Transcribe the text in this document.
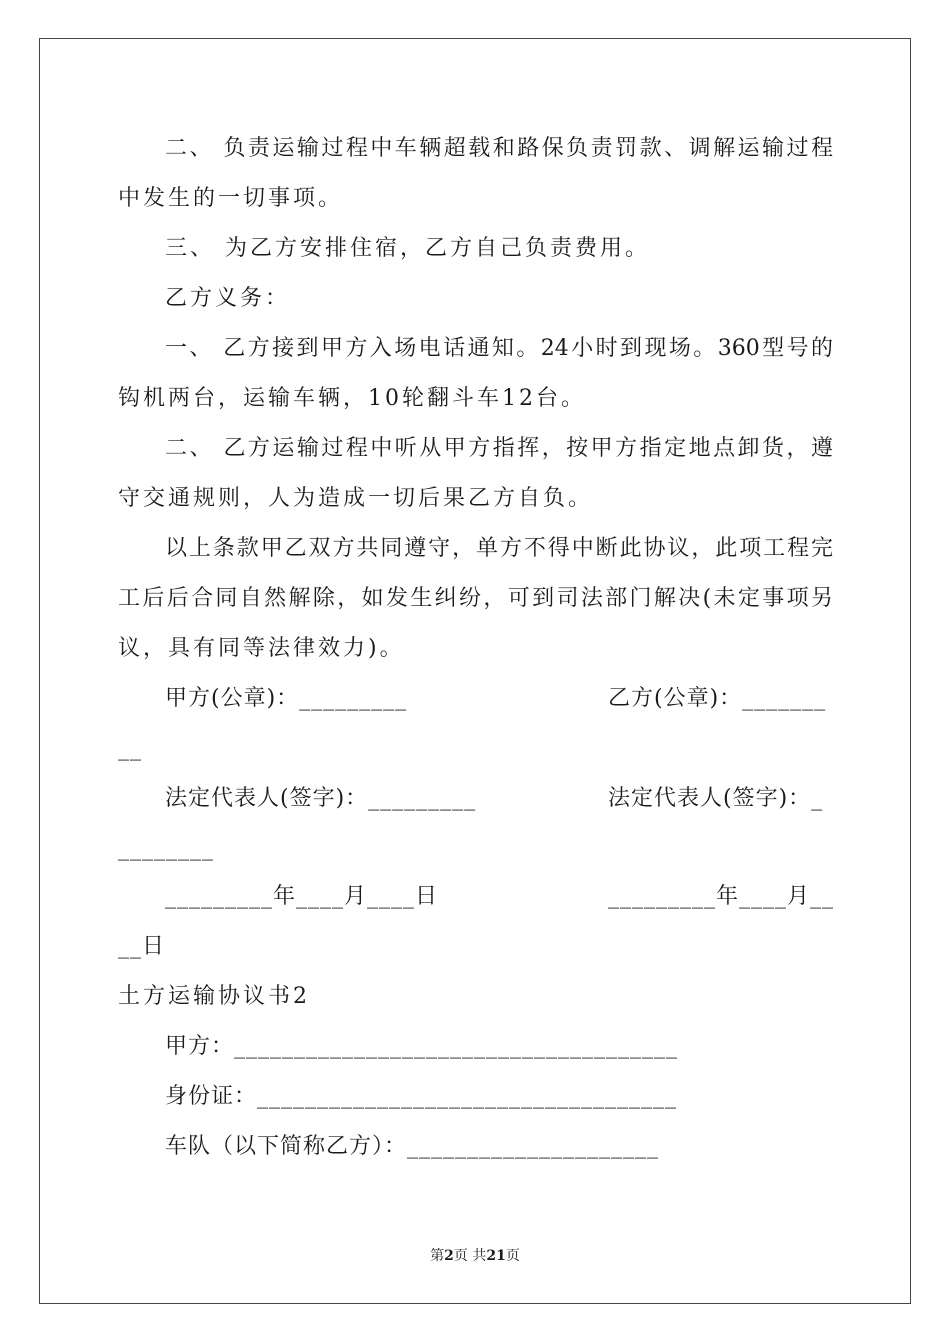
二、 负责运输过程中车辆超载和路保负责罚款、调解运输过程
中发生的一切事项。
三、 为乙方安排住宿，乙方自己负责费用。
乙方义务：
一、 乙方接到甲方入场电话通知。24小时到现场。360型号的
钩机两台，运输车辆，10轮翻斗车12台。
二、 乙方运输过程中听从甲方指挥，按甲方指定地点卸货，遵
守交通规则，人为造成一切后果乙方自负。
以上条款甲乙双方共同遵守，单方不得中断此协议，此项工程完
工后后合同自然解除，如发生纠纷，可到司法部门解决(未定事项另
议，具有同等法律效力)。
甲方(公章)：_________	乙方(公章)：_______
__
法定代表人(签字)：_________	法定代表人(签字)：_
________
_________年____月____日	_________年____月__
__日
土方运输协议书2
甲方：_____________________________________
身份证：___________________________________
车队（以下简称乙方）：_____________________
第2页 共21页
